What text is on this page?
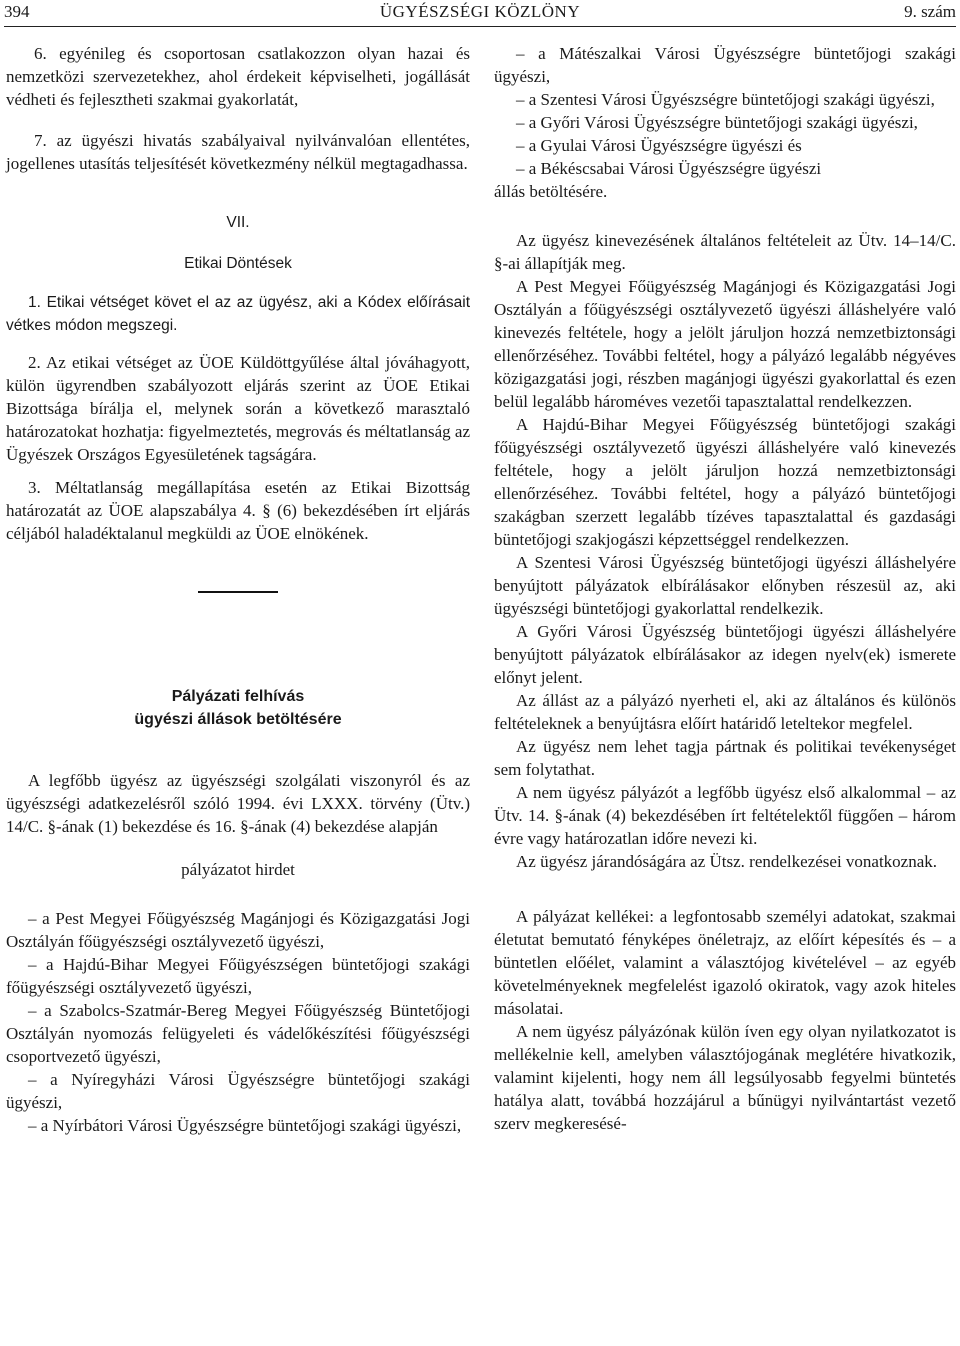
394	ÜGYÉSZSÉGI KÖZLÖNY	9. szám

6. egyénileg és csoportosan csatlakozzon olyan hazai és nemzetközi szervezetekhez, ahol érdekeit képviselheti, jogállását védheti és fejlesztheti szakmai gyakorlatát,

7. az ügyészi hivatás szabályaival nyilvánvalóan ellentétes, jogellenes utasítás teljesítését következmény nélkül megtagadhassa.

VII.

Etikai Döntések

1. Etikai vétséget követ el az az ügyész, aki a Kódex előírásait vétkes módon megszegi.

2. Az etikai vétséget az ÜOE Küldöttgyűlése által jóváhagyott, külön ügyrendben szabályozott eljárás szerint az ÜOE Etikai Bizottsága bírálja el, melynek során a következő marasztaló határozatokat hozhatja: figyelmeztetés, megrovás és méltatlanság az Ügyészek Országos Egyesületének tagságára.

3. Méltatlanság megállapítása esetén az Etikai Bizottság határozatát az ÜOE alapszabálya 4. § (6) bekezdésében írt eljárás céljából haladéktalanul megküldi az ÜOE elnökének.

Pályázati felhívás

ügyészi állások betöltésére

A legfőbb ügyész az ügyészségi szolgálati viszonyról és az ügyészségi adatkezelésről szóló 1994. évi LXXX. törvény (Ütv.) 14/C. §-ának (1) bekezdése és 16. §-ának (4) bekezdése alapján

pályázatot hirdet

– a Pest Megyei Főügyészség Magánjogi és Közigazgatási Jogi Osztályán főügyészségi osztályvezető ügyészi,

– a Hajdú-Bihar Megyei Főügyészségen büntetőjogi szakági főügyészségi osztályvezető ügyészi,

– a Szabolcs-Szatmár-Bereg Megyei Főügyészség Büntetőjogi Osztályán nyomozás felügyeleti és vádelőkészítési főügyészségi csoportvezető ügyészi,

– a Nyíregyházi Városi Ügyészségre büntetőjogi szakági ügyészi,

– a Nyírbátori Városi Ügyészségre büntetőjogi szakági ügyészi,

– a Mátészalkai Városi Ügyészségre büntetőjogi szakági ügyészi,

– a Szentesi Városi Ügyészségre büntetőjogi szakági ügyészi,

– a Győri Városi Ügyészségre büntetőjogi szakági ügyészi,

– a Gyulai Városi Ügyészségre ügyészi és

– a Békéscsabai Városi Ügyészségre ügyészi

állás betöltésére.

Az ügyész kinevezésének általános feltételeit az Ütv. 14–14/C. §-ai állapítják meg.

A Pest Megyei Főügyészség Magánjogi és Közigazgatási Jogi Osztályán a főügyészségi osztályvezető ügyészi álláshelyére való kinevezés feltétele, hogy a jelölt járuljon hozzá nemzetbiztonsági ellenőrzéséhez. További feltétel, hogy a pályázó legalább négyéves közigazgatási jogi, részben magánjogi ügyészi gyakorlattal és ezen belül legalább hároméves vezetői tapasztalattal rendelkezzen.

A Hajdú-Bihar Megyei Főügyészség büntetőjogi szakági főügyészségi osztályvezető ügyészi álláshelyére való kinevezés feltétele, hogy a jelölt járuljon hozzá nemzetbiztonsági ellenőrzéséhez. További feltétel, hogy a pályázó büntetőjogi szakágban szerzett legalább tízéves tapasztalattal és gazdasági büntetőjogi szakjogászi képzettséggel rendelkezzen.

A Szentesi Városi Ügyészség büntetőjogi ügyészi álláshelyére benyújtott pályázatok elbírálásakor előnyben részesül az, aki ügyészségi büntetőjogi gyakorlattal rendelkezik.

A Győri Városi Ügyészség büntetőjogi ügyészi álláshelyére benyújtott pályázatok elbírálásakor az idegen nyelv(ek) ismerete előnyt jelent.

Az állást az a pályázó nyerheti el, aki az általános és különös feltételeknek a benyújtásra előírt határidő leteltekor megfelel.

Az ügyész nem lehet tagja pártnak és politikai tevékenységet sem folytathat.

A nem ügyész pályázót a legfőbb ügyész első alkalommal – az Ütv. 14. §-ának (4) bekezdésében írt feltételektől függően – három évre vagy határozatlan időre nevezi ki.

Az ügyész járandóságára az Ütsz. rendelkezései vonatkoznak.

A pályázat kellékei: a legfontosabb személyi adatokat, szakmai életutat bemutató fényképes önéletrajz, az előírt képesítés és – a büntetlen előélet, valamint a választójog kivételével – az egyéb követelményeknek megfelelést igazoló okiratok, vagy azok hiteles másolatai.

A nem ügyész pályázónak külön íven egy olyan nyilatkozatot is mellékelnie kell, amelyben választójogának meglétére hivatkozik, valamint kijelenti, hogy nem áll legsúlyosabb fegyelmi büntetés hatálya alatt, továbbá hozzájárul a bűnügyi nyilvántartást vezető szerv megkeresésé-
